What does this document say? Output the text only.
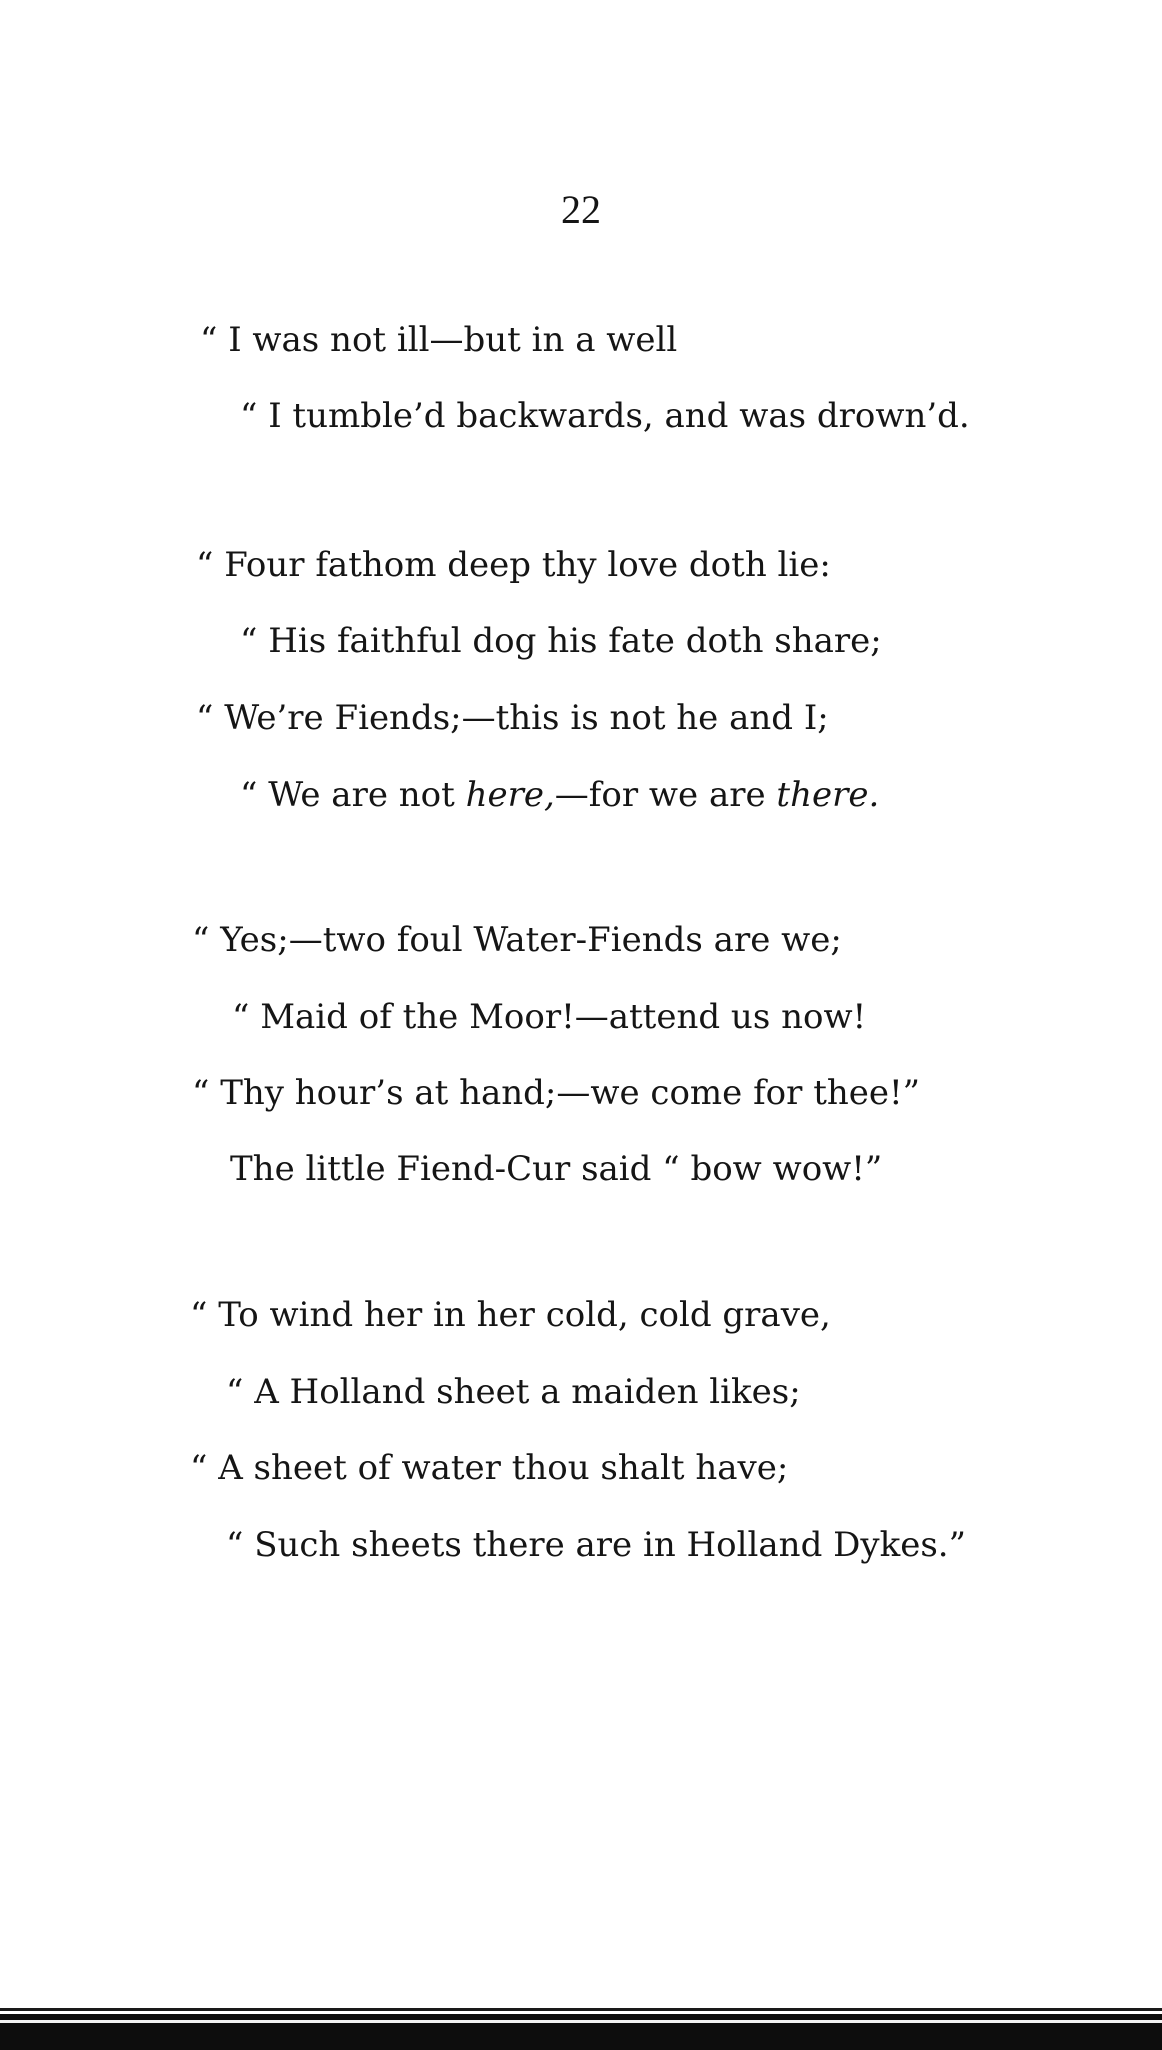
22
“ I was not ill—but in a well
“ I tumble’d backwards, and was drown’d.
“ Four fathom deep thy love doth lie:
“ His faithful dog his fate doth share;
“ We’re Fiends;—this is not he and I;
“ We are not here,—for we are there.
“ Yes;—two foul Water-Fiends are we;
“ Maid of the Moor!—attend us now!
“ Thy hour’s at hand;—we come for thee!”
The little Fiend-Cur said “ bow wow!”
“ To wind her in her cold, cold grave,
“ A Holland sheet a maiden likes;
“ A sheet of water thou shalt have;
“ Such sheets there are in Holland Dykes.”
